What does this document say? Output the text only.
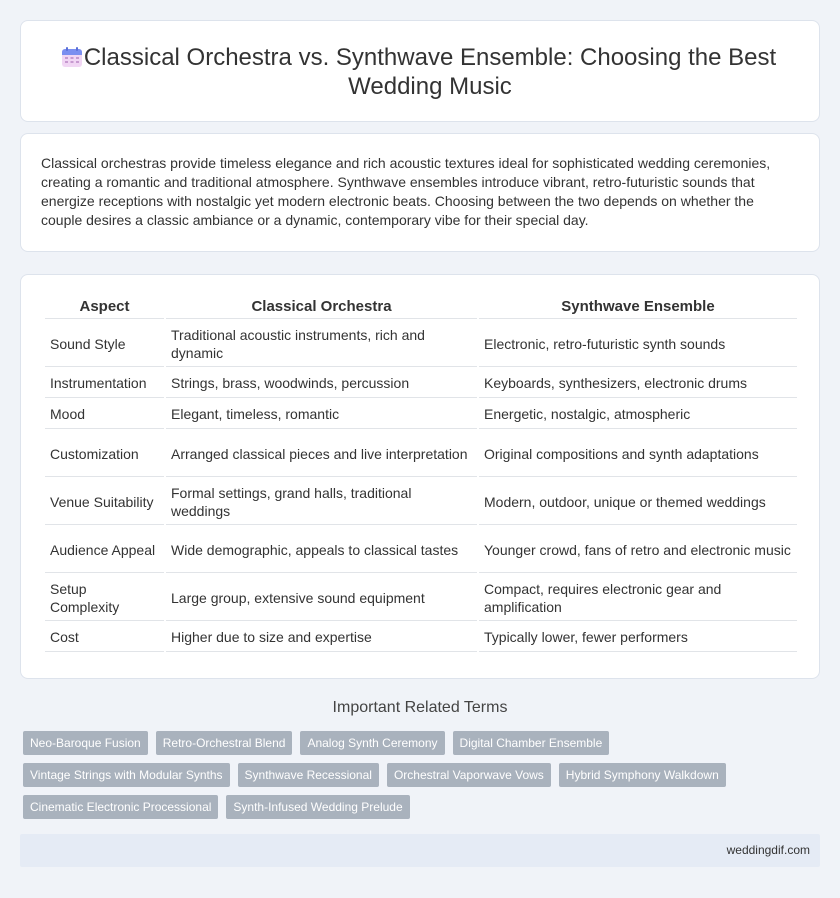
Classical Orchestra vs. Synthwave Ensemble: Choosing the Best Wedding Music

Classical orchestras provide timeless elegance and rich acoustic textures ideal for sophisticated wedding ceremonies, creating a romantic and traditional atmosphere. Synthwave ensembles introduce vibrant, retro-futuristic sounds that energize receptions with nostalgic yet modern electronic beats. Choosing between the two depends on whether the couple desires a classic ambiance or a dynamic, contemporary vibe for their special day.

Aspect	Classical Orchestra	Synthwave Ensemble
Sound Style	Traditional acoustic instruments, rich and dynamic	Electronic, retro-futuristic synth sounds
Instrumentation	Strings, brass, woodwinds, percussion	Keyboards, synthesizers, electronic drums
Mood	Elegant, timeless, romantic	Energetic, nostalgic, atmospheric
Customization	Arranged classical pieces and live interpretation	Original compositions and synth adaptations
Venue Suitability	Formal settings, grand halls, traditional weddings	Modern, outdoor, unique or themed weddings
Audience Appeal	Wide demographic, appeals to classical tastes	Younger crowd, fans of retro and electronic music
Setup Complexity	Large group, extensive sound equipment	Compact, requires electronic gear and amplification
Cost	Higher due to size and expertise	Typically lower, fewer performers
Important Related Terms
Neo-Baroque Fusion	Retro-Orchestral Blend	Analog Synth Ceremony	Digital Chamber Ensemble
Vintage Strings with Modular Synths	Synthwave Recessional	Orchestral Vaporwave Vows	Hybrid Symphony Walkdown
Cinematic Electronic Processional	Synth-Infused Wedding Prelude
weddingdif.com
